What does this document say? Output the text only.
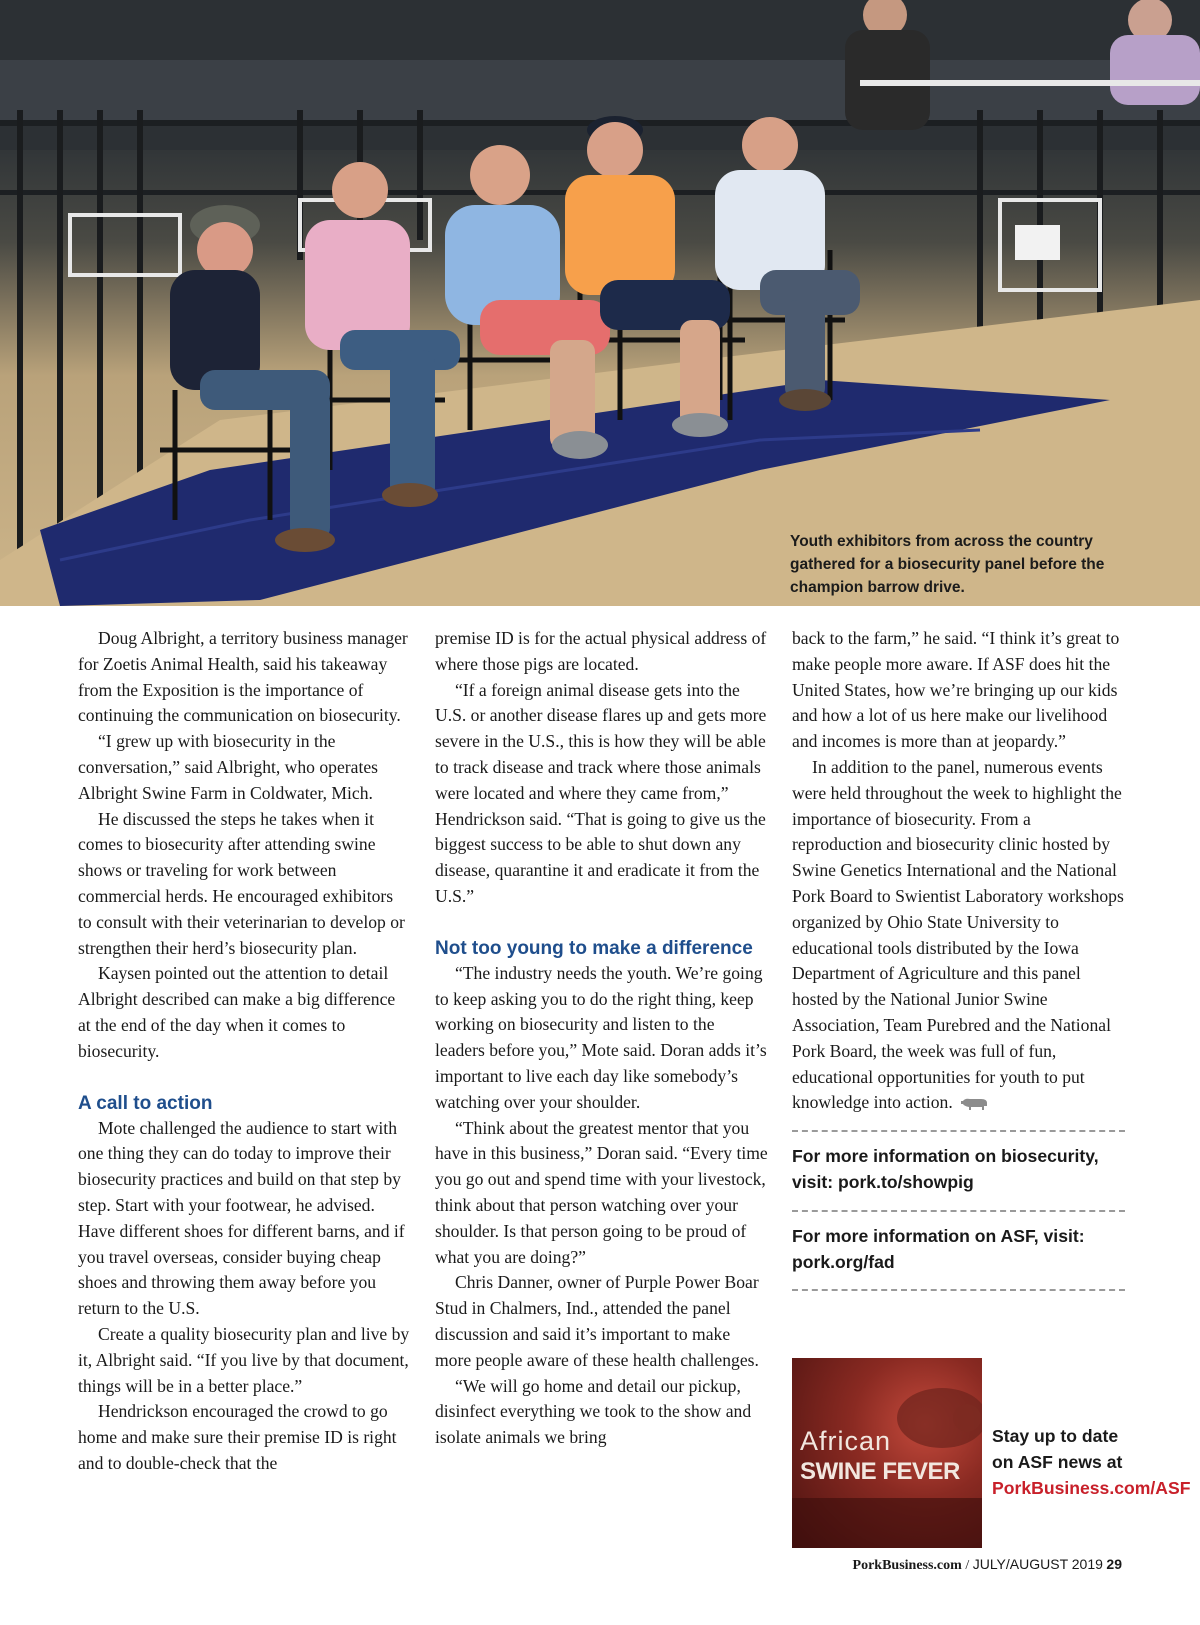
Youth exhibitors from across the country gathered for a biosecurity panel before the champion barrow drive.

Doug Albright, a territory business manager for Zoetis Animal Health, said his takeaway from the Exposition is the importance of continuing the communication on biosecurity.

“I grew up with biosecurity in the conversation,” said Albright, who operates Albright Swine Farm in Coldwater, Mich.

He discussed the steps he takes when it comes to biosecurity after attending swine shows or traveling for work between commercial herds. He encouraged exhibitors to consult with their veterinarian to develop or strengthen their herd’s biosecurity plan.

Kaysen pointed out the attention to detail Albright described can make a big difference at the end of the day when it comes to biosecurity.

A call to action

Mote challenged the audience to start with one thing they can do today to improve their biosecurity practices and build on that step by step. Start with your footwear, he advised. Have different shoes for different barns, and if you travel overseas, consider buying cheap shoes and throwing them away before you return to the U.S.

Create a quality biosecurity plan and live by it, Albright said. “If you live by that document, things will be in a better place.”

Hendrickson encouraged the crowd to go home and make sure their premise ID is right and to double-check that the

premise ID is for the actual physical address of where those pigs are located.

“If a foreign animal disease gets into the U.S. or another disease flares up and gets more severe in the U.S., this is how they will be able to track disease and track where those animals were located and where they came from,” Hendrickson said. “That is going to give us the biggest success to be able to shut down any disease, quarantine it and eradicate it from the U.S.”

Not too young to make a difference

“The industry needs the youth. We’re going to keep asking you to do the right thing, keep working on biosecurity and listen to the leaders before you,” Mote said. Doran adds it’s important to live each day like somebody’s watching over your shoulder.

“Think about the greatest mentor that you have in this business,” Doran said. “Every time you go out and spend time with your livestock, think about that person watching over your shoulder. Is that person going to be proud of what you are doing?”

Chris Danner, owner of Purple Power Boar Stud in Chalmers, Ind., attended the panel discussion and said it’s important to make more people aware of these health challenges.

“We will go home and detail our pickup, disinfect everything we took to the show and isolate animals we bring

back to the farm,” he said. “I think it’s great to make people more aware. If ASF does hit the United States, how we’re bringing up our kids and how a lot of us here make our livelihood and incomes is more than at jeopardy.”

In addition to the panel, numerous events were held throughout the week to highlight the importance of biosecurity. From a reproduction and biosecurity clinic hosted by Swine Genetics International and the National Pork Board to Swientist Laboratory workshops organized by Ohio State University to educational tools distributed by the Iowa Department of Agriculture and this panel hosted by the National Junior Swine Association, Team Purebred and the National Pork Board, the week was full of fun, educational opportunities for youth to put knowledge into action.

For more information on biosecurity, visit: pork.to/showpig
For more information on ASF, visit: pork.org/fad
African
SWINE FEVER
Stay up to date on ASF news at PorkBusiness.com/ASF
PorkBusiness.com / JULY/AUGUST 2019 29
